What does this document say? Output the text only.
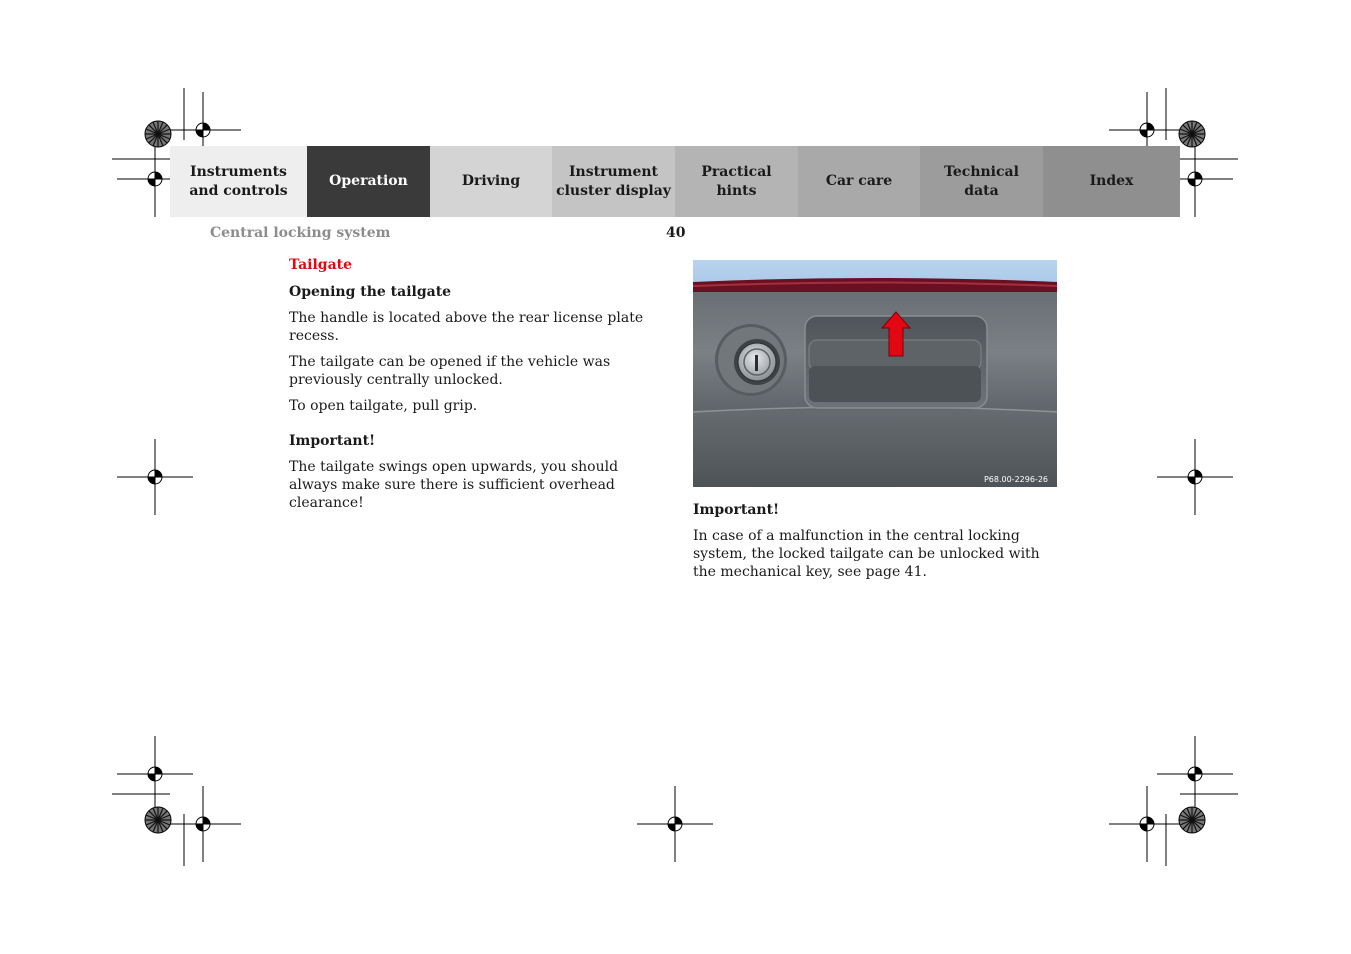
Instruments
and controls
Operation	Driving
Instrument
cluster display
Practical hints
Car care
Technical
data
Index
Central locking system	40
Tailgate
Opening the tailgate
The handle is located above the rear license plate recess.
The tailgate can be opened if the vehicle was previously centrally unlocked.
To open tailgate, pull grip.
Important!
The tailgate swings open upwards, you should always make sure there is sufficient overhead clearance!
P68.00-2296-26
Important!
In case of a malfunction in the central locking system, the locked tailgate can be unlocked with the mechanical key, see page 41.
